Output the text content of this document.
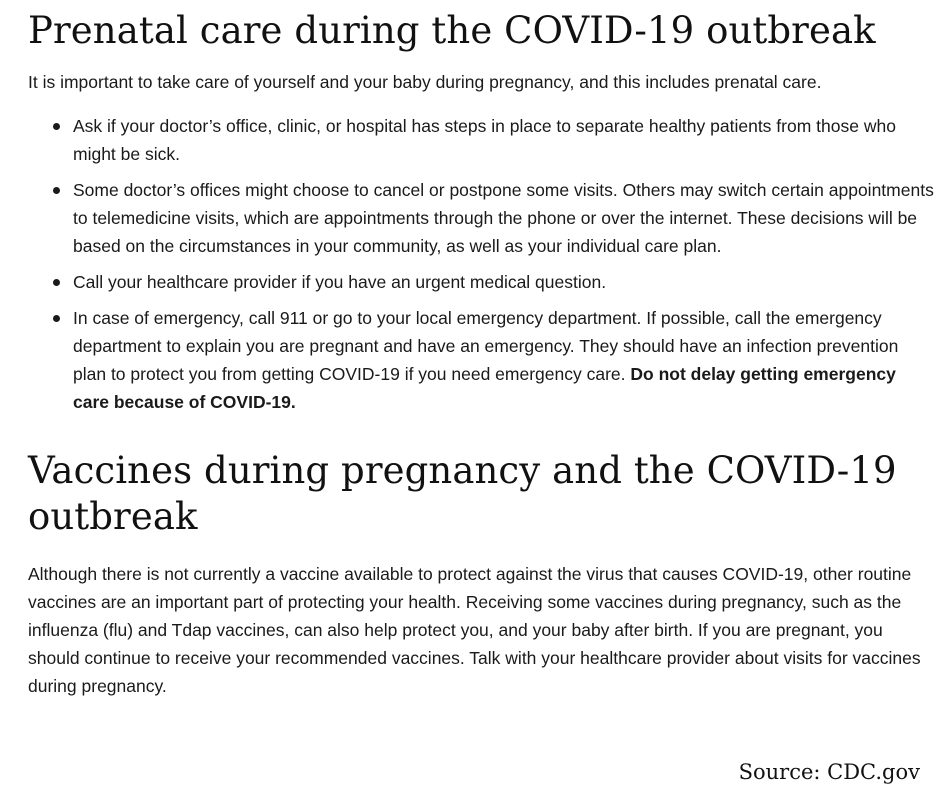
Prenatal care during the COVID-19 outbreak

It is important to take care of yourself and your baby during pregnancy, and this includes prenatal care.

Ask if your doctor’s office, clinic, or hospital has steps in place to separate healthy patients from those who might be sick.
Some doctor’s offices might choose to cancel or postpone some visits. Others may switch certain appointments to telemedicine visits, which are appointments through the phone or over the internet. These decisions will be based on the circumstances in your community, as well as your individual care plan.
Call your healthcare provider if you have an urgent medical question.
In case of emergency, call 911 or go to your local emergency department. If possible, call the emergency department to explain you are pregnant and have an emergency. They should have an infection prevention plan to protect you from getting COVID-19 if you need emergency care. Do not delay getting emergency care because of COVID-19.
Vaccines during pregnancy and the COVID-19 outbreak

Although there is not currently a vaccine available to protect against the virus that causes COVID-19, other routine vaccines are an important part of protecting your health. Receiving some vaccines during pregnancy, such as the influenza (flu) and Tdap vaccines, can also help protect you, and your baby after birth. If you are pregnant, you should continue to receive your recommended vaccines. Talk with your healthcare provider about visits for vaccines during pregnancy.

Source: CDC.gov
